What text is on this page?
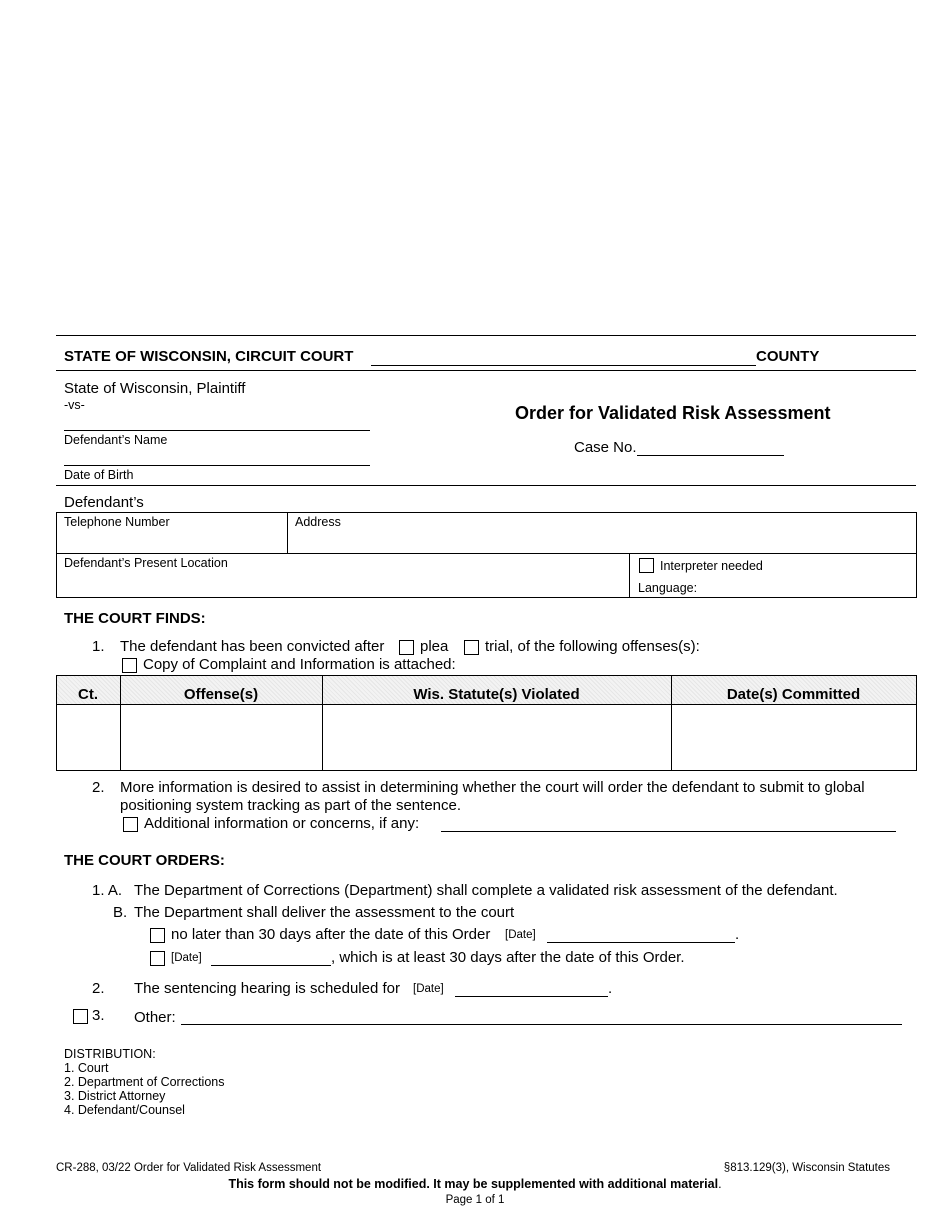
STATE OF WISCONSIN, CIRCUIT COURT	COUNTY
State of Wisconsin, Plaintiff
-vs-
Defendant’s Name
Date of Birth
Order for Validated Risk Assessment
Case No.
Defendant’s
Telephone Number	Address
Defendant’s Present Location	Interpreter needed
Language:
THE COURT FINDS:
1. The defendant has been convicted after plea trial, of the following offenses(s):
Copy of Complaint and Information is attached:
Ct.	Offense(s)	Wis. Statute(s) Violated	Date(s) Committed
2. More information is desired to assist in determining whether the court will order the defendant to submit to global
positioning system tracking as part of the sentence.
Additional information or concerns, if any:
THE COURT ORDERS:
1. A. The Department of Corrections (Department) shall complete a validated risk assessment of the defendant.
B. The Department shall deliver the assessment to the court
no later than 30 days after the date of this Order [Date]	.
[Date]	, which is at least 30 days after the date of this Order.
2. The sentencing hearing is scheduled for [Date]	.
3. Other:
DISTRIBUTION:
1. Court
2. Department of Corrections
3. District Attorney
4. Defendant/Counsel
CR-288, 03/22 Order for Validated Risk Assessment	§813.129(3), Wisconsin Statutes
This form should not be modified. It may be supplemented with additional material.
Page 1 of 1
